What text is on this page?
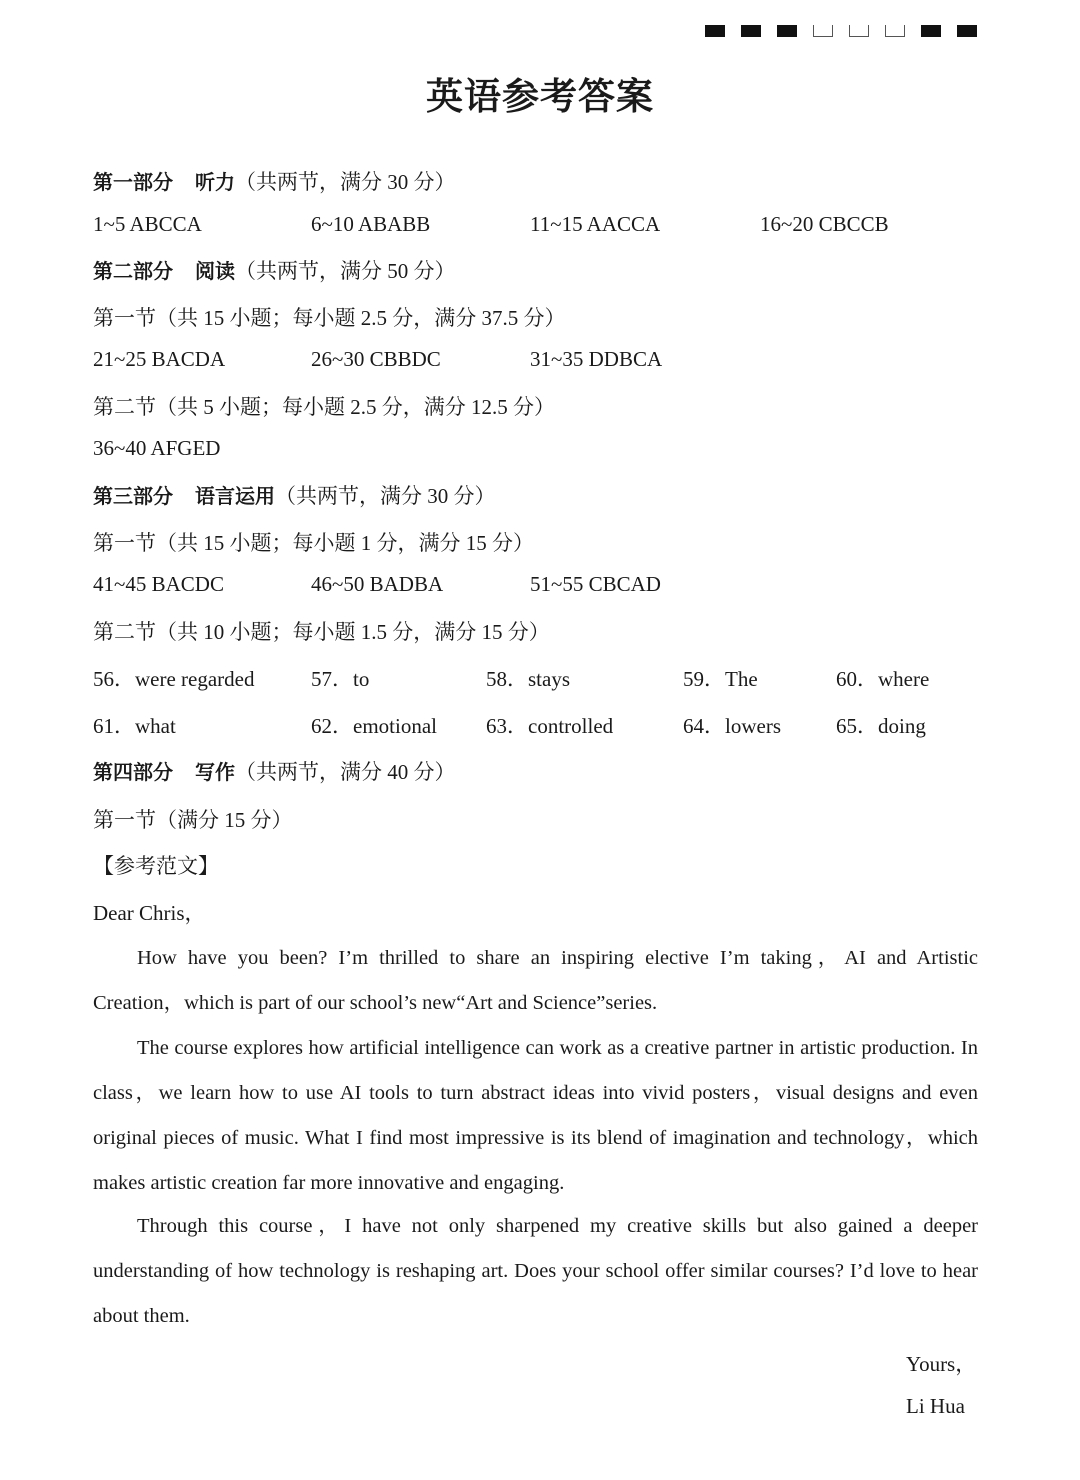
英语参考答案
第一部分 听力（共两节，满分 30 分）
1~5 ABCCA	6~10 ABABB	11~15 AACCA	16~20 CBCCB
第二部分 阅读（共两节，满分 50 分）
第一节（共 15 小题；每小题 2.5 分，满分 37.5 分）
21~25 BACDA	26~30 CBBDC	31~35 DDBCA
第二节（共 5 小题；每小题 2.5 分，满分 12.5 分）
36~40 AFGED
第三部分 语言运用（共两节，满分 30 分）
第一节（共 15 小题；每小题 1 分，满分 15 分）
41~45 BACDC	46~50 BADBA	51~55 CBCAD
第二节（共 10 小题；每小题 1.5 分，满分 15 分）
56．were regarded	57．to	58．stays	59．The	60．where
61．what	62．emotional 63．controlled	64．lowers	65．doing
第四部分 写作（共两节，满分 40 分）
第一节（满分 15 分）
【参考范文】
Dear Chris，

How have you been? I’m thrilled to share an inspiring elective I’m taking，AI and Artistic Creation，which is part of our school’s new“Art and Science”series.

The course explores how artificial intelligence can work as a creative partner in artistic production. In class，we learn how to use AI tools to turn abstract ideas into vivid posters，visual designs and even original pieces of music. What I find most impressive is its blend of imagination and technology，which makes artistic creation far more innovative and engaging.

Through this course，I have not only sharpened my creative skills but also gained a deeper understanding of how technology is reshaping art. Does your school offer similar courses? I’d love to hear about them.

Yours，
Li Hua
